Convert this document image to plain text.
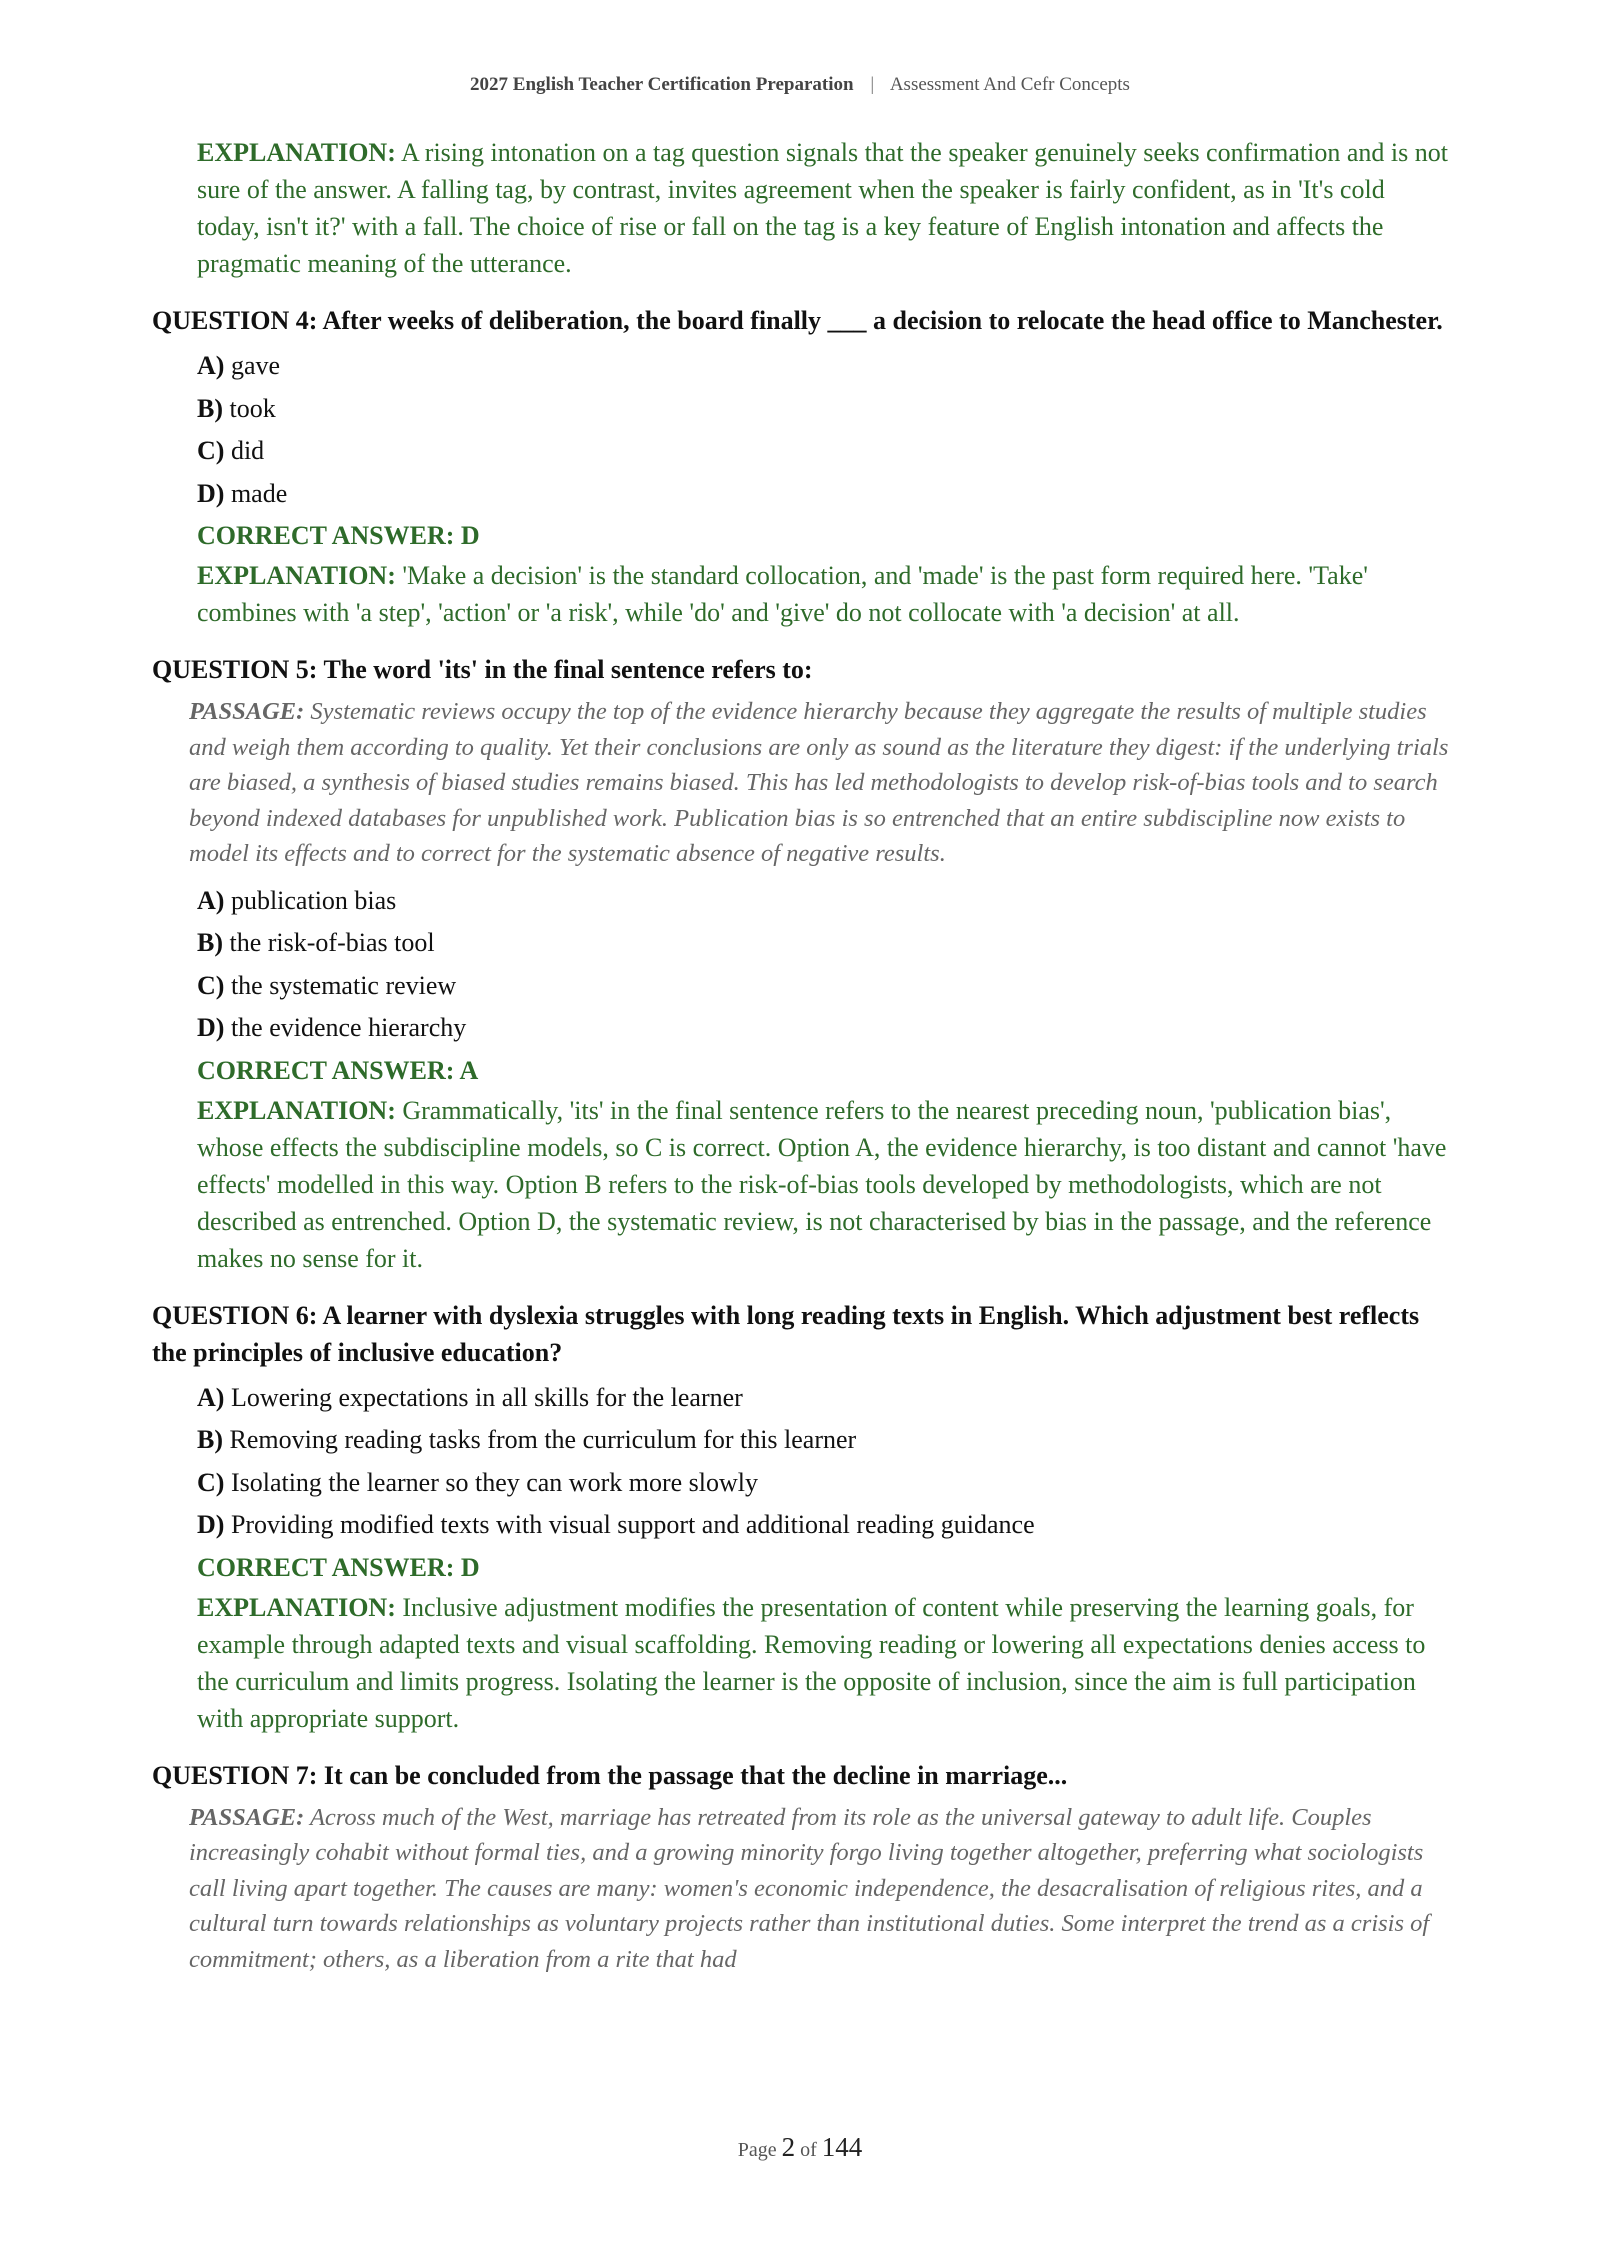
2027 English Teacher Certification Preparation | Assessment And Cefr Concepts
EXPLANATION: A rising intonation on a tag question signals that the speaker genuinely seeks confirmation and is not sure of the answer. A falling tag, by contrast, invites agreement when the speaker is fairly confident, as in 'It's cold today, isn't it?' with a fall. The choice of rise or fall on the tag is a key feature of English intonation and affects the pragmatic meaning of the utterance.
QUESTION 4: After weeks of deliberation, the board finally ___ a decision to relocate the head office to Manchester.
A) gave
B) took
C) did
D) made
CORRECT ANSWER: D
EXPLANATION: 'Make a decision' is the standard collocation, and 'made' is the past form required here. 'Take' combines with 'a step', 'action' or 'a risk', while 'do' and 'give' do not collocate with 'a decision' at all.
QUESTION 5: The word 'its' in the final sentence refers to:
PASSAGE: Systematic reviews occupy the top of the evidence hierarchy because they aggregate the results of multiple studies and weigh them according to quality. Yet their conclusions are only as sound as the literature they digest: if the underlying trials are biased, a synthesis of biased studies remains biased. This has led methodologists to develop risk-of-bias tools and to search beyond indexed databases for unpublished work. Publication bias is so entrenched that an entire subdiscipline now exists to model its effects and to correct for the systematic absence of negative results.
A) publication bias
B) the risk-of-bias tool
C) the systematic review
D) the evidence hierarchy
CORRECT ANSWER: A
EXPLANATION: Grammatically, 'its' in the final sentence refers to the nearest preceding noun, 'publication bias', whose effects the subdiscipline models, so C is correct. Option A, the evidence hierarchy, is too distant and cannot 'have effects' modelled in this way. Option B refers to the risk-of-bias tools developed by methodologists, which are not described as entrenched. Option D, the systematic review, is not characterised by bias in the passage, and the reference makes no sense for it.
QUESTION 6: A learner with dyslexia struggles with long reading texts in English. Which adjustment best reflects the principles of inclusive education?
A) Lowering expectations in all skills for the learner
B) Removing reading tasks from the curriculum for this learner
C) Isolating the learner so they can work more slowly
D) Providing modified texts with visual support and additional reading guidance
CORRECT ANSWER: D
EXPLANATION: Inclusive adjustment modifies the presentation of content while preserving the learning goals, for example through adapted texts and visual scaffolding. Removing reading or lowering all expectations denies access to the curriculum and limits progress. Isolating the learner is the opposite of inclusion, since the aim is full participation with appropriate support.
QUESTION 7: It can be concluded from the passage that the decline in marriage...
PASSAGE: Across much of the West, marriage has retreated from its role as the universal gateway to adult life. Couples increasingly cohabit without formal ties, and a growing minority forgo living together altogether, preferring what sociologists call living apart together. The causes are many: women's economic independence, the desacralisation of religious rites, and a cultural turn towards relationships as voluntary projects rather than institutional duties. Some interpret the trend as a crisis of commitment; others, as a liberation from a rite that had
Page 2 of 144
